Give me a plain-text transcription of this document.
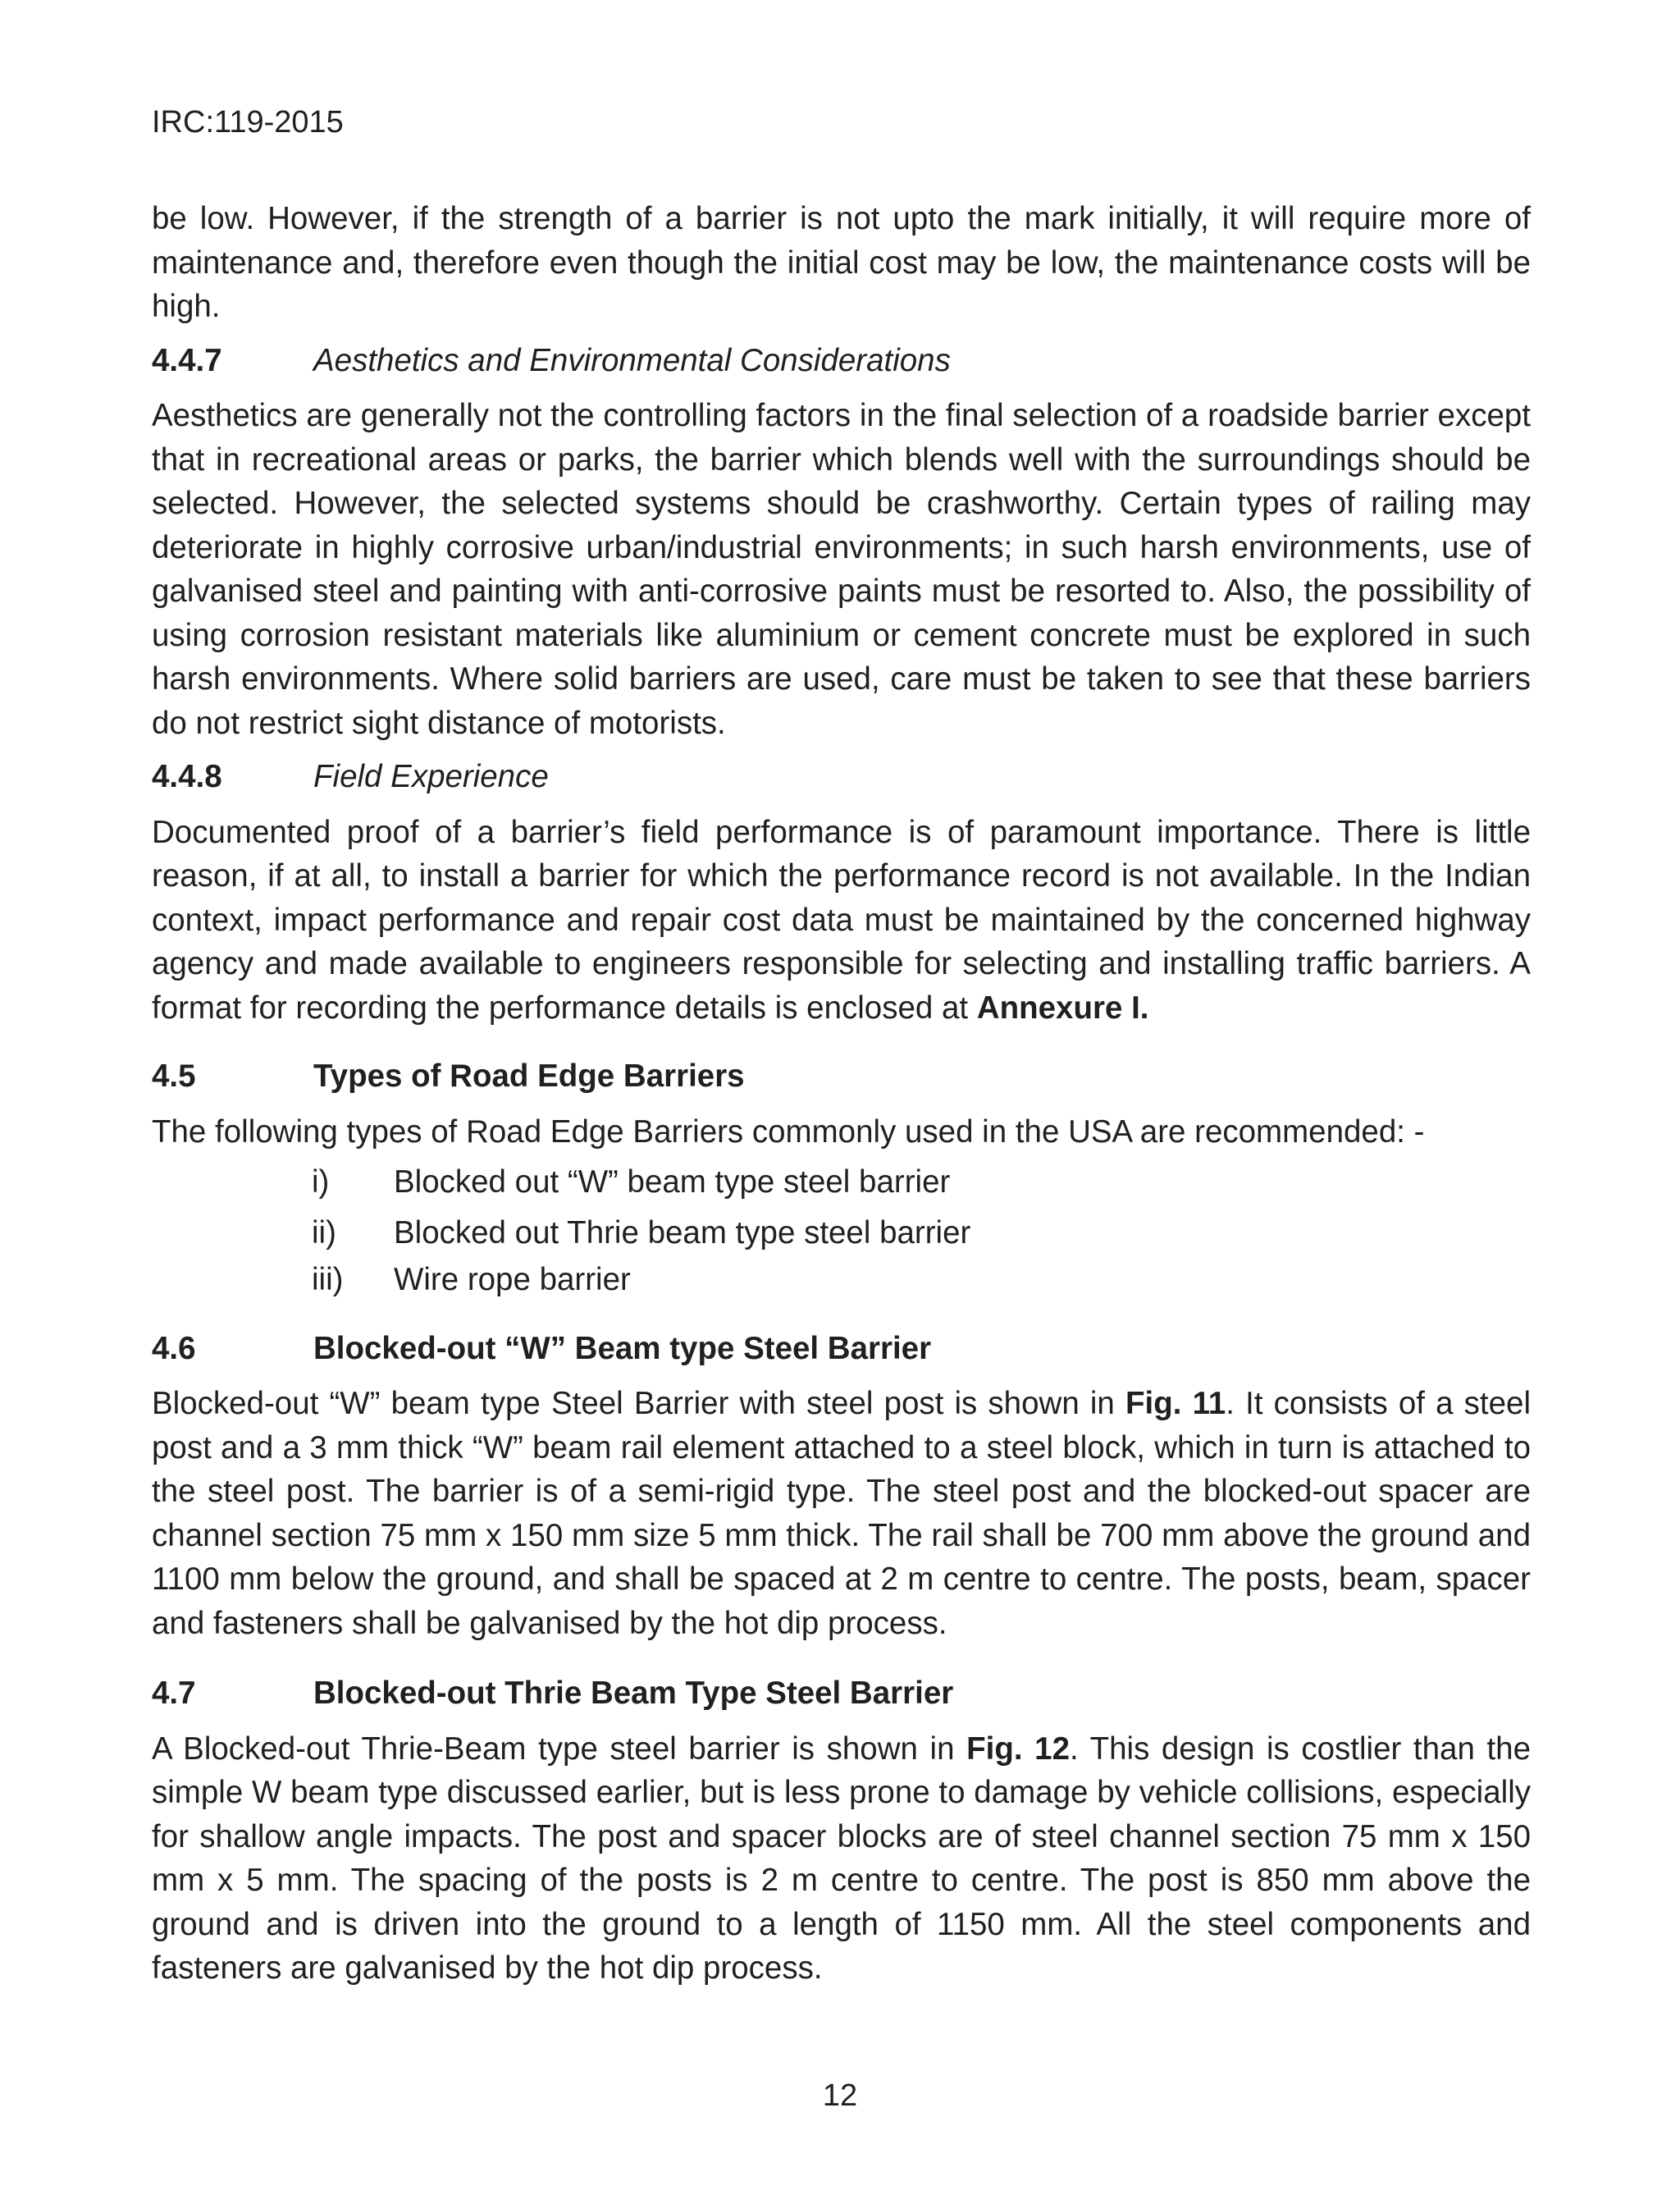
IRC:119-2015

be low. However, if the strength of a barrier is not upto the mark initially, it will require more of maintenance and, therefore even though the initial cost may be low, the maintenance costs will be high.

4.4.7	Aesthetics and Environmental Considerations

Aesthetics are generally not the controlling factors in the final selection of a roadside barrier except that in recreational areas or parks, the barrier which blends well with the surroundings should be selected. However, the selected systems should be crashworthy. Certain types of railing may deteriorate in highly corrosive urban/industrial environments; in such harsh environments, use of galvanised steel and painting with anti-corrosive paints must be resorted to. Also, the possibility of using corrosion resistant materials like aluminium or cement concrete must be explored in such harsh environments. Where solid barriers are used, care must be taken to see that these barriers do not restrict sight distance of motorists.

4.4.8	Field Experience

Documented proof of a barrier’s field performance is of paramount importance. There is little reason, if at all, to install a barrier for which the performance record is not available. In the Indian context, impact performance and repair cost data must be maintained by the concerned highway agency and made available to engineers responsible for selecting and installing traffic barriers. A format for recording the performance details is enclosed at Annexure I.

4.5	Types of Road Edge Barriers

The following types of Road Edge Barriers commonly used in the USA are recommended: -

i)	Blocked out “W” beam type steel barrier
ii)	Blocked out Thrie beam type steel barrier
iii)	Wire rope barrier
4.6	Blocked-out “W” Beam type Steel Barrier

Blocked-out “W” beam type Steel Barrier with steel post is shown in Fig. 11. It consists of a steel post and a 3 mm thick “W” beam rail element attached to a steel block, which in turn is attached to the steel post. The barrier is of a semi-rigid type. The steel post and the blocked-out spacer are channel section 75 mm x 150 mm size 5 mm thick. The rail shall be 700 mm above the ground and 1100 mm below the ground, and shall be spaced at 2 m centre to centre. The posts, beam, spacer and fasteners shall be galvanised by the hot dip process.

4.7	Blocked-out Thrie Beam Type Steel Barrier

A Blocked-out Thrie-Beam type steel barrier is shown in Fig. 12. This design is costlier than the simple W beam type discussed earlier, but is less prone to damage by vehicle collisions, especially for shallow angle impacts. The post and spacer blocks are of steel channel section 75 mm x 150 mm x 5 mm. The spacing of the posts is 2 m centre to centre. The post is 850 mm above the ground and is driven into the ground to a length of 1150 mm. All the steel components and fasteners are galvanised by the hot dip process.

12
